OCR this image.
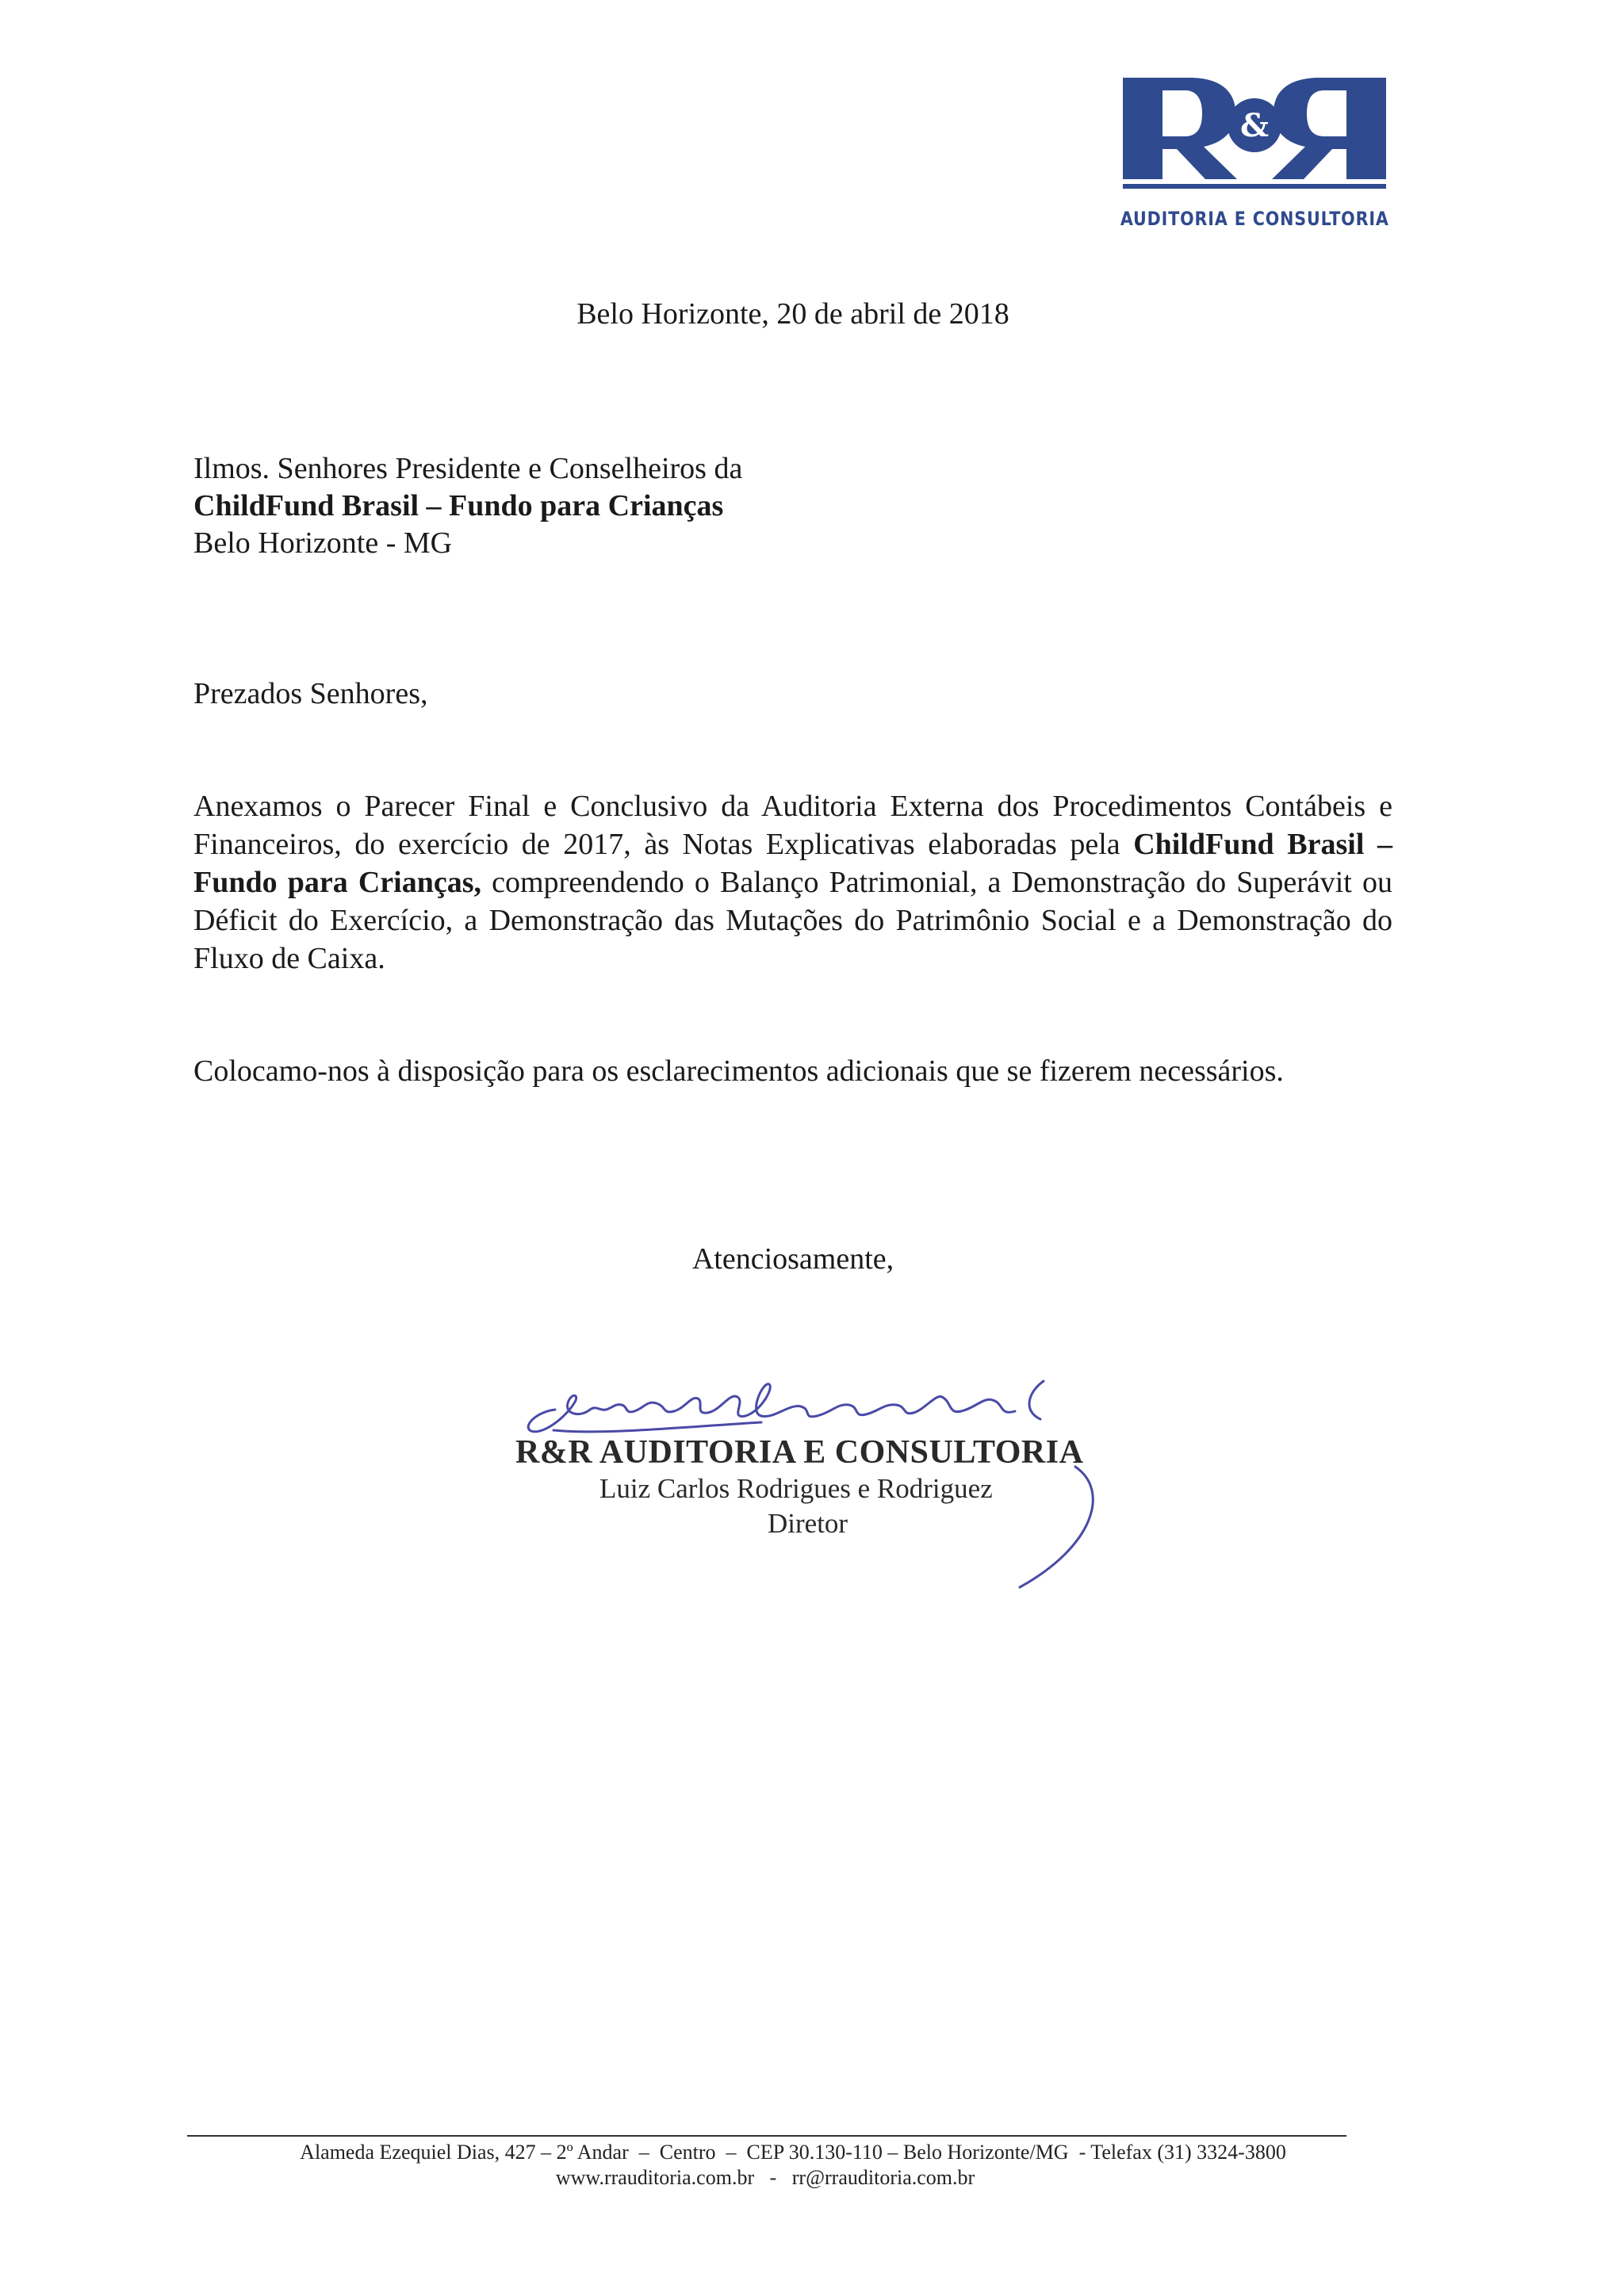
&
AUDITORIA E CONSULTORIA
Belo Horizonte, 20 de abril de 2018
Ilmos. Senhores Presidente e Conselheiros da
ChildFund Brasil – Fundo para Crianças
Belo Horizonte - MG
Prezados Senhores,
Anexamos o Parecer Final e Conclusivo da Auditoria Externa dos Procedimentos Contábeis e Financeiros, do exercício de 2017, às Notas Explicativas elaboradas pela ChildFund Brasil – Fundo para Crianças, compreendendo o Balanço Patrimonial, a Demonstração do Superávit ou Déficit do Exercício, a Demonstração das Mutações do Patrimônio Social e a Demonstração do Fluxo de Caixa.
Colocamo-nos à disposição para os esclarecimentos adicionais que se fizerem necessários.
Atenciosamente,
R&R AUDITORIA E CONSULTORIA
Luiz Carlos Rodrigues e Rodriguez
Diretor
Alameda Ezequiel Dias, 427 – 2º Andar  –  Centro  –  CEP 30.130-110 – Belo Horizonte/MG  - Telefax (31) 3324-3800
www.rrauditoria.com.br   -   rr@rrauditoria.com.br
